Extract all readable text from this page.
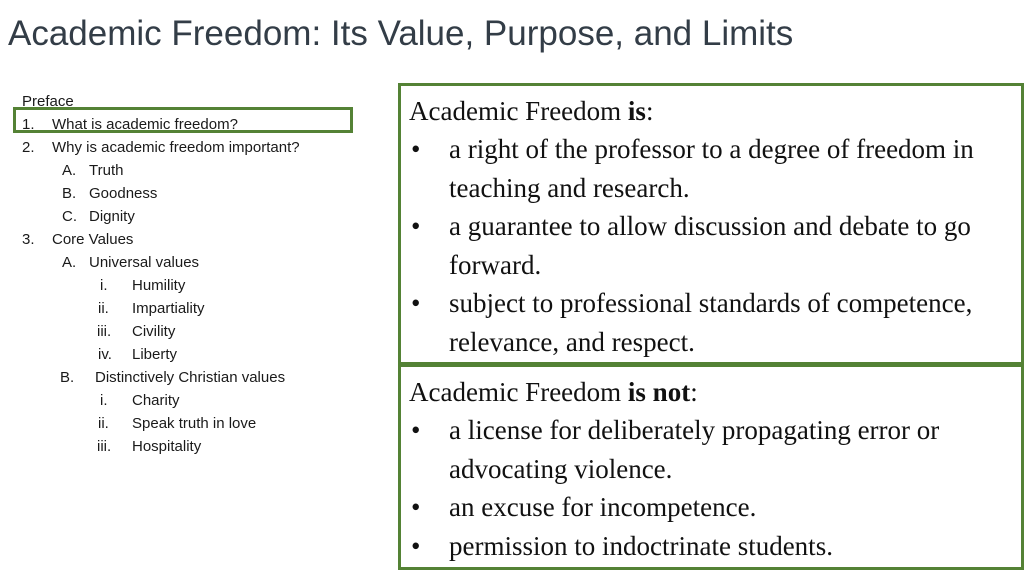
Academic Freedom: Its Value, Purpose, and Limits
Preface
1. What is academic freedom?
2. Why is academic freedom important?
A. Truth
B. Goodness
C. Dignity
3. Core Values
A. Universal values
i. Humility
ii. Impartiality
iii. Civility
iv. Liberty
B. Distinctively Christian values
i. Charity
ii. Speak truth in love
iii. Hospitality
Academic Freedom is:
• a right of the professor to a degree of freedom in teaching and research.
• a guarantee to allow discussion and debate to go forward.
• subject to professional standards of competence, relevance, and respect.
Academic Freedom is not:
• a license for deliberately propagating error or advocating violence.
• an excuse for incompetence.
• permission to indoctrinate students.
